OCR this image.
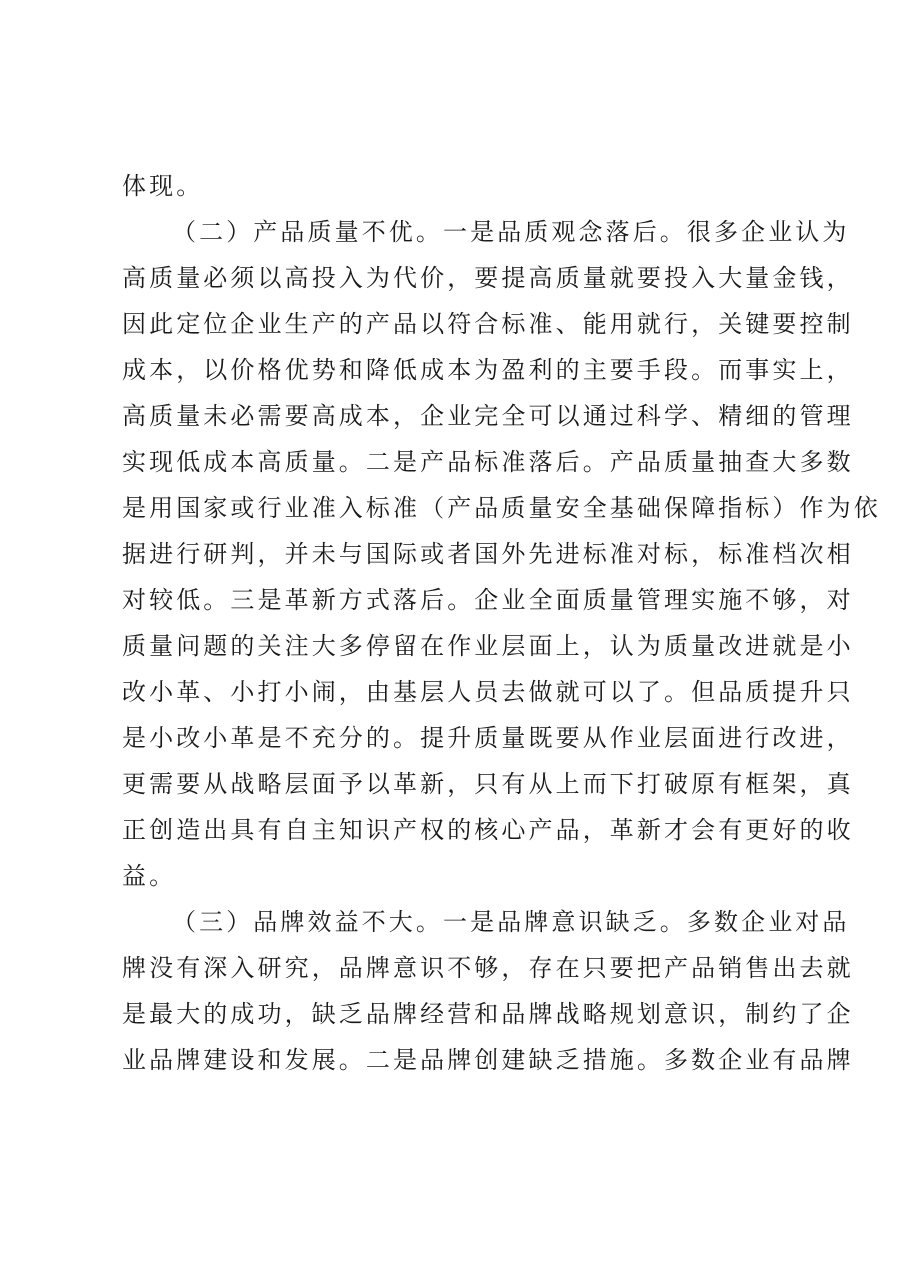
体现。
（二）产品质量不优。一是品质观念落后。很多企业认为
高质量必须以高投入为代价，要提高质量就要投入大量金钱，
因此定位企业生产的产品以符合标准、能用就行，关键要控制
成本，以价格优势和降低成本为盈利的主要手段。而事实上，
高质量未必需要高成本，企业完全可以通过科学、精细的管理
实现低成本高质量。二是产品标准落后。产品质量抽查大多数
是用国家或行业准入标准（产品质量安全基础保障指标）作为依
据进行研判，并未与国际或者国外先进标准对标，标准档次相
对较低。三是革新方式落后。企业全面质量管理实施不够，对
质量问题的关注大多停留在作业层面上，认为质量改进就是小
改小革、小打小闹，由基层人员去做就可以了。但品质提升只
是小改小革是不充分的。提升质量既要从作业层面进行改进，
更需要从战略层面予以革新，只有从上而下打破原有框架，真
正创造出具有自主知识产权的核心产品，革新才会有更好的收
益。
（三）品牌效益不大。一是品牌意识缺乏。多数企业对品
牌没有深入研究，品牌意识不够，存在只要把产品销售出去就
是最大的成功，缺乏品牌经营和品牌战略规划意识，制约了企
业品牌建设和发展。二是品牌创建缺乏措施。多数企业有品牌
